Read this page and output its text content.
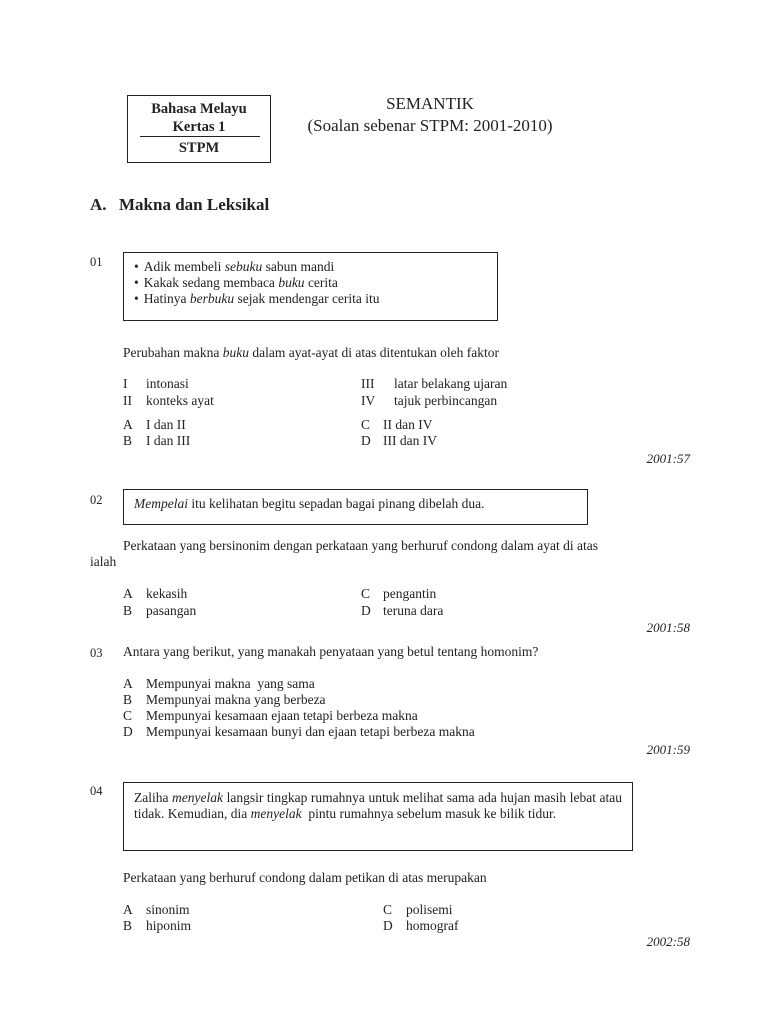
Bahasa Melayu
Kertas 1
STPM
SEMANTIK
(Soalan sebenar STPM: 2001-2010)
A. Makna dan Leksikal
01
•	Adik membeli sebuku sabun mandi
• Kakak sedang membaca buku cerita
• Hatinya berbuku sejak mendengar cerita itu
Perubahan makna buku dalam ayat-ayat di atas ditentukan oleh faktor
I intonasi
II konteks ayat
III latar belakang ujaran
IV tajuk perbincangan
A I dan II
B I dan III
C II dan IV
D III dan IV
2001:57
02	Mempelai itu kelihatan begitu sepadan bagai pinang dibelah dua.
Perkataan yang bersinonim dengan perkataan yang berhuruf condong dalam ayat di atas
ialah
A kekasih
B pasangan
C pengantin
D teruna dara
2001:58
03 Antara yang berikut, yang manakah penyataan yang betul tentang homonim?
A Mempunyai makna  yang sama
B Mempunyai makna yang berbeza
C Mempunyai kesamaan ejaan tetapi berbeza makna
D Mempunyai kesamaan bunyi dan ejaan tetapi berbeza makna
2001:59
04 Zaliha menyelak langsir tingkap rumahnya untuk melihat sama ada hujan masih lebat atau tidak. Kemudian, dia menyelak  pintu rumahnya sebelum masuk ke bilik tidur.
Perkataan yang berhuruf condong dalam petikan di atas merupakan
A sinonim
B hiponim
C polisemi
D homograf
2002:58
